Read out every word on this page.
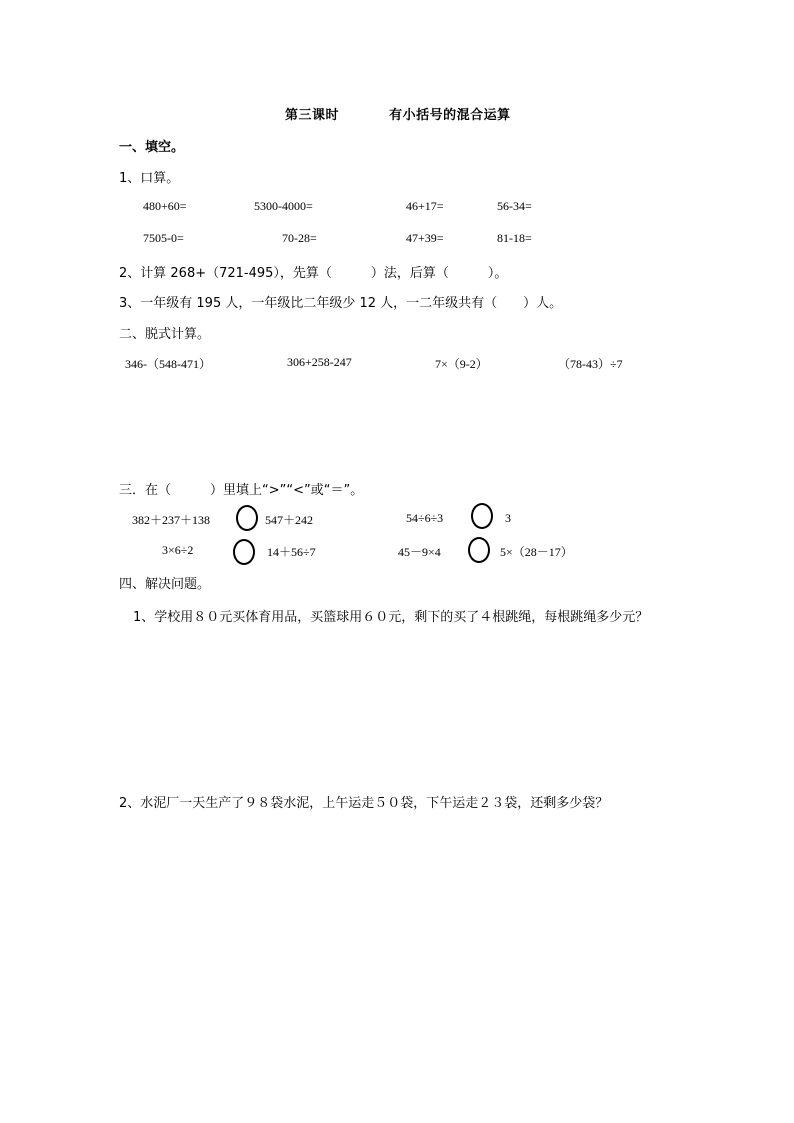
第三课时	有小括号的混合运算
一、填空。
1、口算。
480+60=	5300-4000=	46+17=	56-34=
7505-0=	70-28=	47+39=	81-18=
2、计算 268+（721-495），先算（　　　）法，后算（　　　）。
3、一年级有 195 人，一年级比二年级少 12 人，一二年级共有（　　）人。
二、脱式计算。
346-（548-471）	306+258-247	7×（9-2）	（78-43）÷7
三．在（　　　）里填上“>”“<”或“＝”。
382＋237＋138	547＋242	54÷6÷3	3
3×6÷2	14＋56÷7	45－9×4	5×（28－17）
四、解决问题。
1、学校用８０元买体育用品，买篮球用６０元，剩下的买了４根跳绳，每根跳绳多少元？
2、水泥厂一天生产了９８袋水泥，上午运走５０袋，下午运走２３袋，还剩多少袋？
